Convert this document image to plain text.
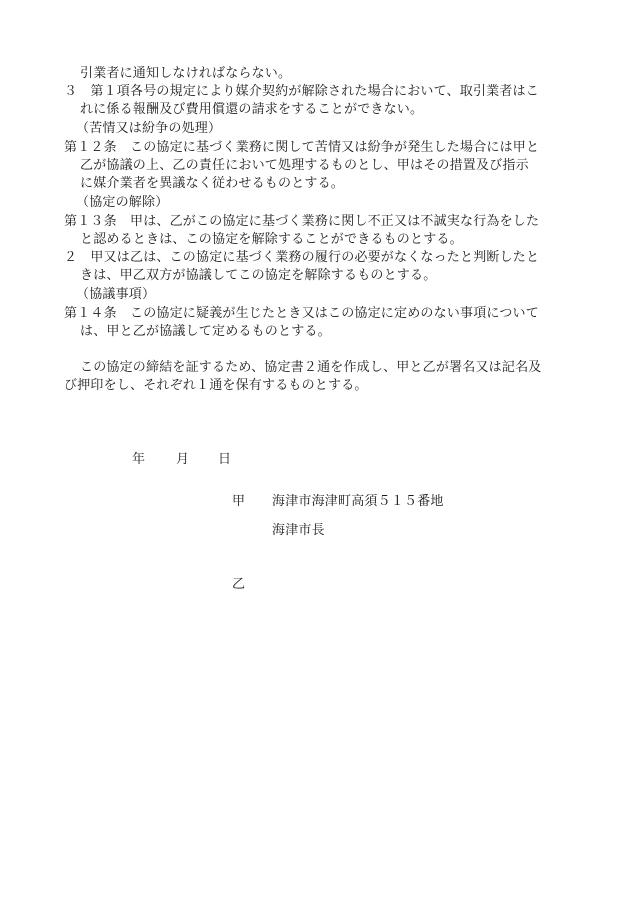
引業者に通知しなければならない。
３　第１項各号の規定により媒介契約が解除された場合において、取引業者はこ
れに係る報酬及び費用償還の請求をすることができない。
（苦情又は紛争の処理）
第１２条　この協定に基づく業務に関して苦情又は紛争が発生した場合には甲と
乙が協議の上、乙の責任において処理するものとし、甲はその措置及び指示
に媒介業者を異議なく従わせるものとする。
（協定の解除）
第１３条　甲は、乙がこの協定に基づく業務に関し不正又は不誠実な行為をした
と認めるときは、この協定を解除することができるものとする。
２　甲又は乙は、この協定に基づく業務の履行の必要がなくなったと判断したと
きは、甲乙双方が協議してこの協定を解除するものとする。
（協議事項）
第１４条　この協定に疑義が生じたとき又はこの協定に定めのない事項について
は、甲と乙が協議して定めるものとする。
この協定の締結を証するため、協定書２通を作成し、甲と乙が署名又は記名及
び押印をし、それぞれ１通を保有するものとする。
年 月 日
甲 海津市海津町高須５１５番地
海津市長
乙
